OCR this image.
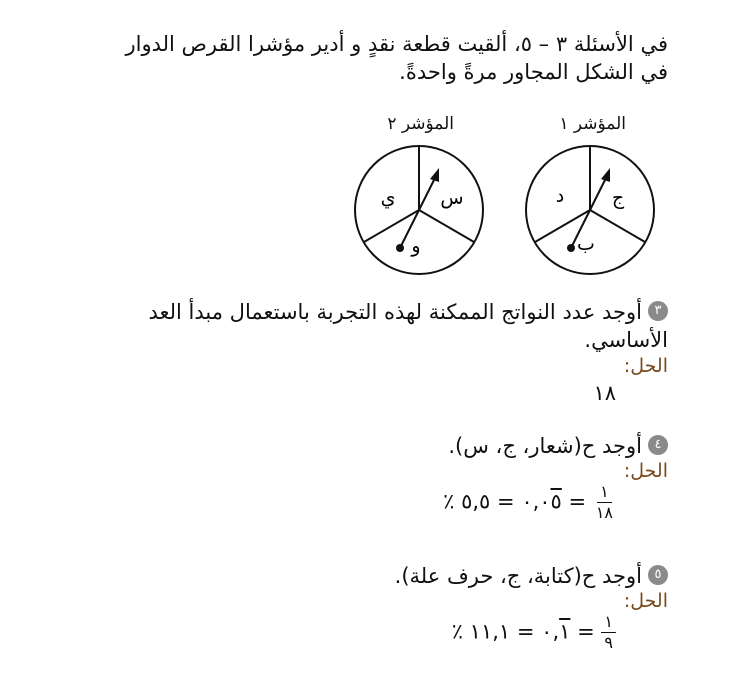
في الأسئلة ٣ – ٥، ألقيت قطعة نقدٍ و أدير مؤشرا القرص الدوار
في الشكل المجاور مرةً واحدةً.
المؤشر ١
المؤشر ٢
س
ي
و
ج
د
ب
٣أوجد عدد النواتج الممكنة لهذه التجربة باستعمال مبدأ العد
الأساسي.
الحل:
١٨
٤أوجد ح(شعار، ج، س).
الحل:
$\frac{١}{١٨}$
= ٠,٠٥ = ٥,٥ ٪
٥أوجد ح(كتابة، ج، حرف علة).
الحل:
$\frac{١}{٩}$
= ٠,١ = ١١,١ ٪
